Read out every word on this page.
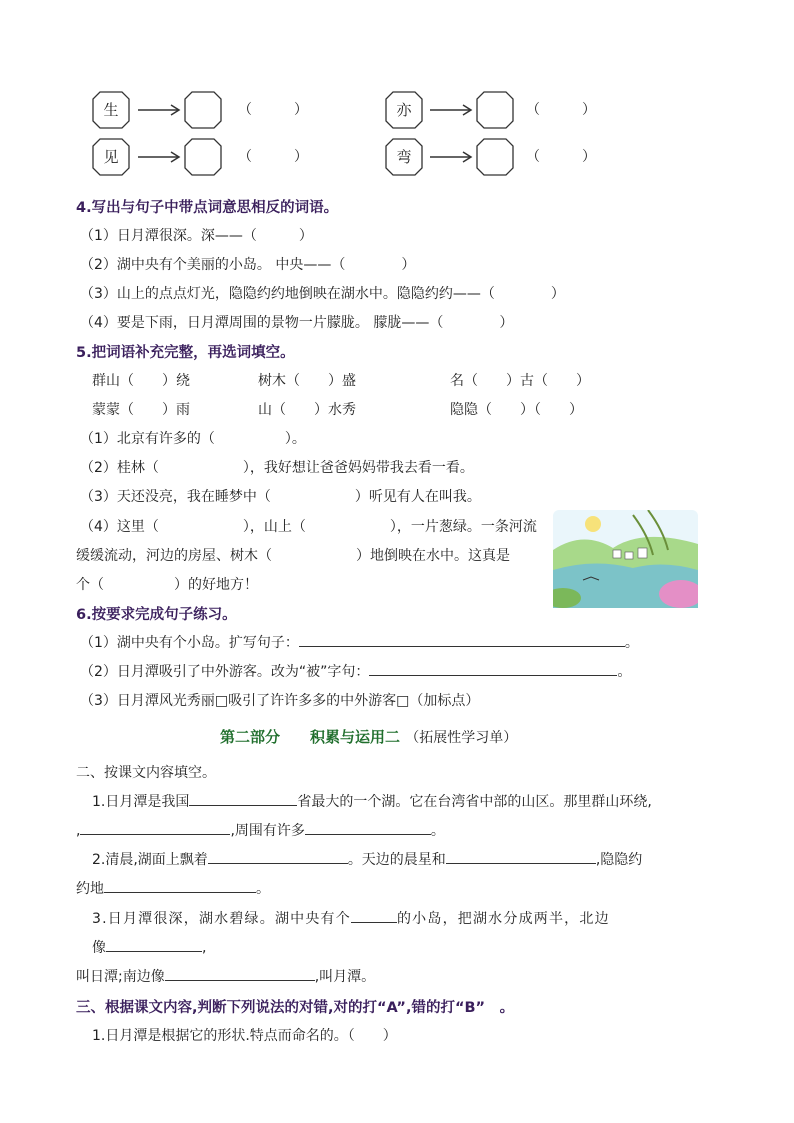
生	（　　　）	亦	（　　　）
见	（　　　）	弯	（　　　）
4.写出与句子中带点词意思相反的词语。
（1）日月潭很深。深——（　　　）
（2）湖中央有个美丽的小岛。 中央——（　　　　）
（3）山上的点点灯光，隐隐约约地倒映在湖水中。隐隐约约——（　　　　）
（4）要是下雨，日月潭周围的景物一片朦胧。 朦胧——（　　　　）
5.把词语补充完整，再选词填空。
群山（　　）绕	树木（　　）盛	名（　　）古（　　）
蒙蒙（　　）雨	山（　　）水秀	隐隐（　　）（　　）
（1）北京有许多的（　　　　　）。
（2）桂林（　　　　　　），我好想让爸爸妈妈带我去看一看。
（3）天还没亮，我在睡梦中（　　　　　　）听见有人在叫我。
（4）这里（　　　　　　），山上（　　　　　　），一片葱绿。一条河流
缓缓流动，河边的房屋、树木（　　　　　　）地倒映在水中。这真是
个（　　　　　）的好地方！
6.按要求完成句子练习。
（1）湖中央有个小岛。扩写句子：	。
（2）日月潭吸引了中外游客。改为“被”字句：	。
（3）日月潭风光秀丽□吸引了许许多多的中外游客□（加标点）
第二部分　　积累与运用二 （拓展性学习单）
二、按课文内容填空。
1.日月潭是我国	省最大的一个湖。它在台湾省中部的山区。那里群山环绕,
,	,周围有许多	。
2.清晨,湖面上飘着	。天边的晨星和	,隐隐约
约地	。
3.日月潭很深，湖水碧绿。湖中央有个	的小岛，把湖水分成两半，北边
像	,
叫日潭;南边像	,叫月潭。
三、根据课文内容,判断下列说法的对错,对的打“A”,错的打“B”　。
1.日月潭是根据它的形状.特点而命名的。（　　）
